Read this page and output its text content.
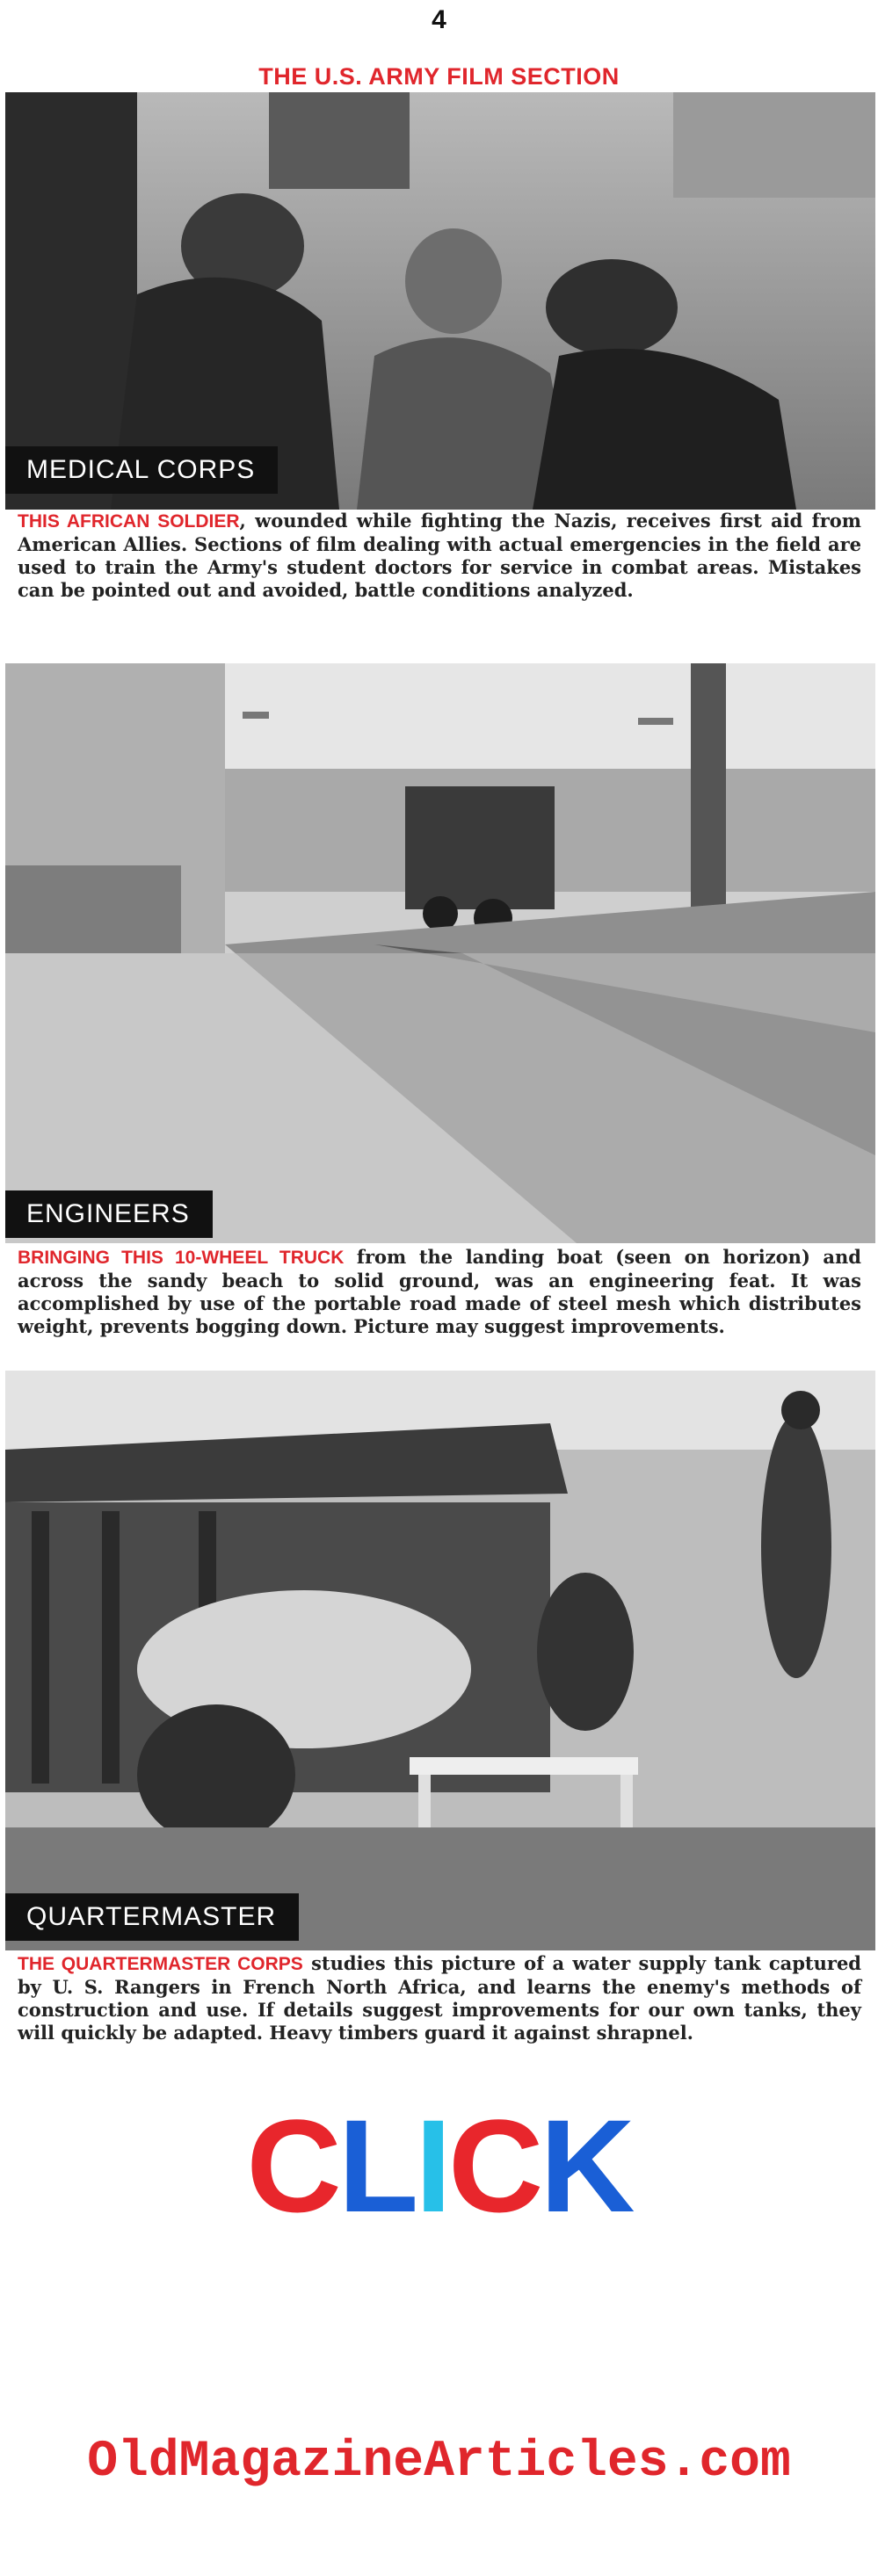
4
THE U.S. ARMY FILM SECTION
MEDICAL CORPS
THIS AFRICAN SOLDIER, wounded while fighting the Nazis, receives first aid from American Allies. Sections of film dealing with actual emergencies in the field are used to train the Army's student doctors for service in combat areas. Mistakes can be pointed out and avoided, battle conditions analyzed.
ENGINEERS
BRINGING THIS 10-WHEEL TRUCK from the landing boat (seen on horizon) and across the sandy beach to solid ground, was an engineering feat. It was accomplished by use of the portable road made of steel mesh which distributes weight, prevents bogging down. Picture may suggest improvements.
QUARTERMASTER
THE QUARTERMASTER CORPS studies this picture of a water supply tank captured by U. S. Rangers in French North Africa, and learns the enemy's methods of construction and use. If details suggest improvements for our own tanks, they will quickly be adapted. Heavy timbers guard it against shrapnel.
CLICK
OldMagazineArticles.com
